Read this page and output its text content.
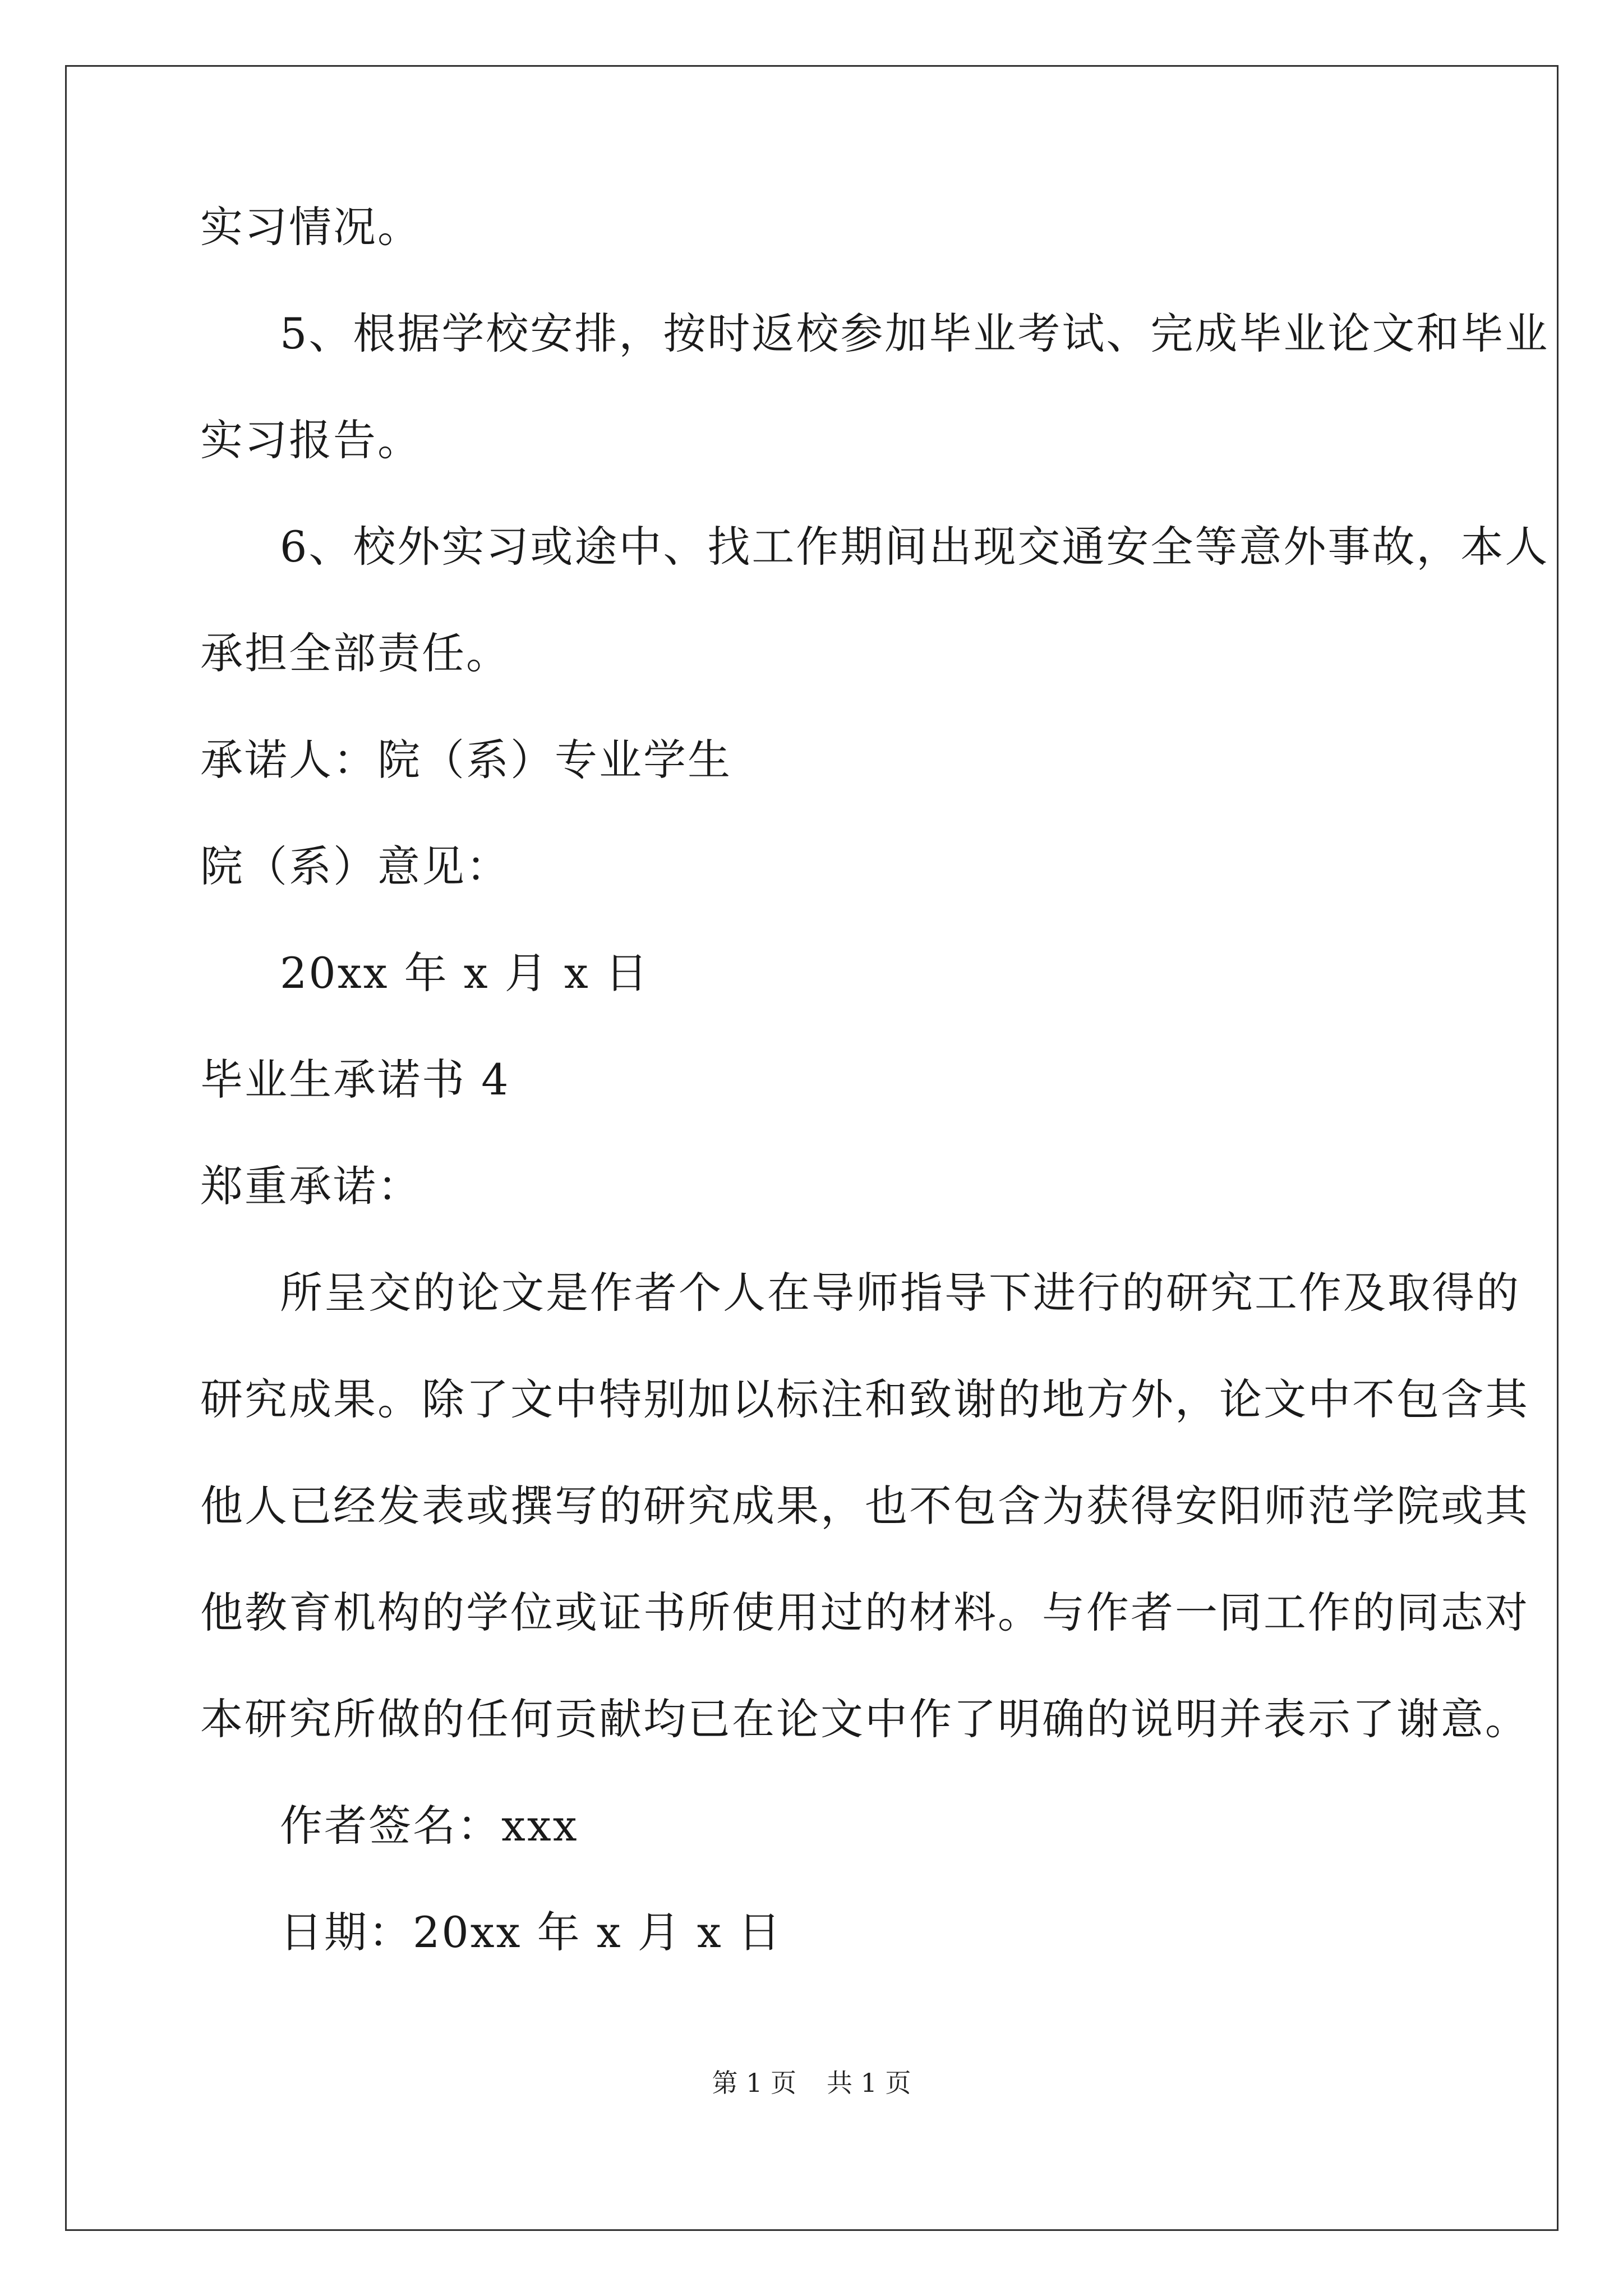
实习情况。
5、根据学校安排，按时返校参加毕业考试、完成毕业论文和毕业
实习报告。
6、校外实习或途中、找工作期间出现交通安全等意外事故，本人
承担全部责任。
承诺人：院（系）专业学生
院（系）意见：
20xx 年 x 月 x 日
毕业生承诺书 4
郑重承诺：
所呈交的论文是作者个人在导师指导下进行的研究工作及取得的
研究成果。除了文中特别加以标注和致谢的地方外，论文中不包含其
他人已经发表或撰写的研究成果，也不包含为获得安阳师范学院或其
他教育机构的学位或证书所使用过的材料。与作者一同工作的同志对
本研究所做的任何贡献均已在论文中作了明确的说明并表示了谢意。
作者签名：xxx
日期：20xx 年 x 月 x 日
第 1 页 共 1 页
